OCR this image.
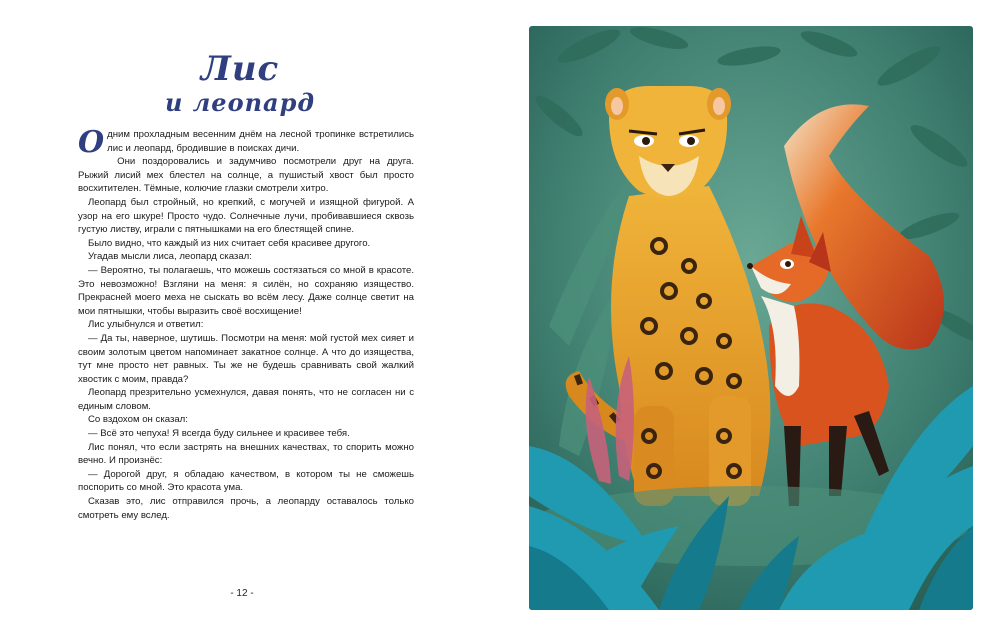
Лис
и леопард

Одним прохладным весенним днём на лесной тропинке встретились лис и леопард, бродившие в поисках дичи.

Они поздоровались и задумчиво посмотрели друг на друга. Рыжий лисий мех блестел на солнце, а пушистый хвост был просто восхитителен. Тёмные, колючие глазки смотрели хитро.

Леопард был стройный, но крепкий, с могучей и изящной фигурой. А узор на его шкуре! Просто чудо. Солнечные лучи, пробивавшиеся сквозь густую листву, играли с пятнышками на его блестящей спине.

Было видно, что каждый из них считает себя красивее другого.

Угадав мысли лиса, леопард сказал:

— Вероятно, ты полагаешь, что можешь состязаться со мной в красоте. Это невозможно! Взгляни на меня: я силён, но сохраняю изящество. Прекрасней моего меха не сыскать во всём лесу. Даже солнце светит на мои пятнышки, чтобы выразить своё восхищение!

Лис улыбнулся и ответил:

— Да ты, наверное, шутишь. Посмотри на меня: мой густой мех сияет и своим золотым цветом напоминает закатное солнце. А что до изящества, тут мне просто нет равных. Ты же не будешь сравнивать свой жалкий хвостик с моим, правда?

Леопард презрительно усмехнулся, давая понять, что не согласен ни с единым словом.

Со вздохом он сказал:

— Всё это чепуха! Я всегда буду сильнее и красивее тебя.

Лис понял, что если застрять на внешних качествах, то спорить можно вечно. И произнёс:

— Дорогой друг, я обладаю качеством, в котором ты не сможешь поспорить со мной. Это красота ума.

Сказав это, лис отправился прочь, а леопарду оставалось только смотреть ему вслед.

- 12 -
